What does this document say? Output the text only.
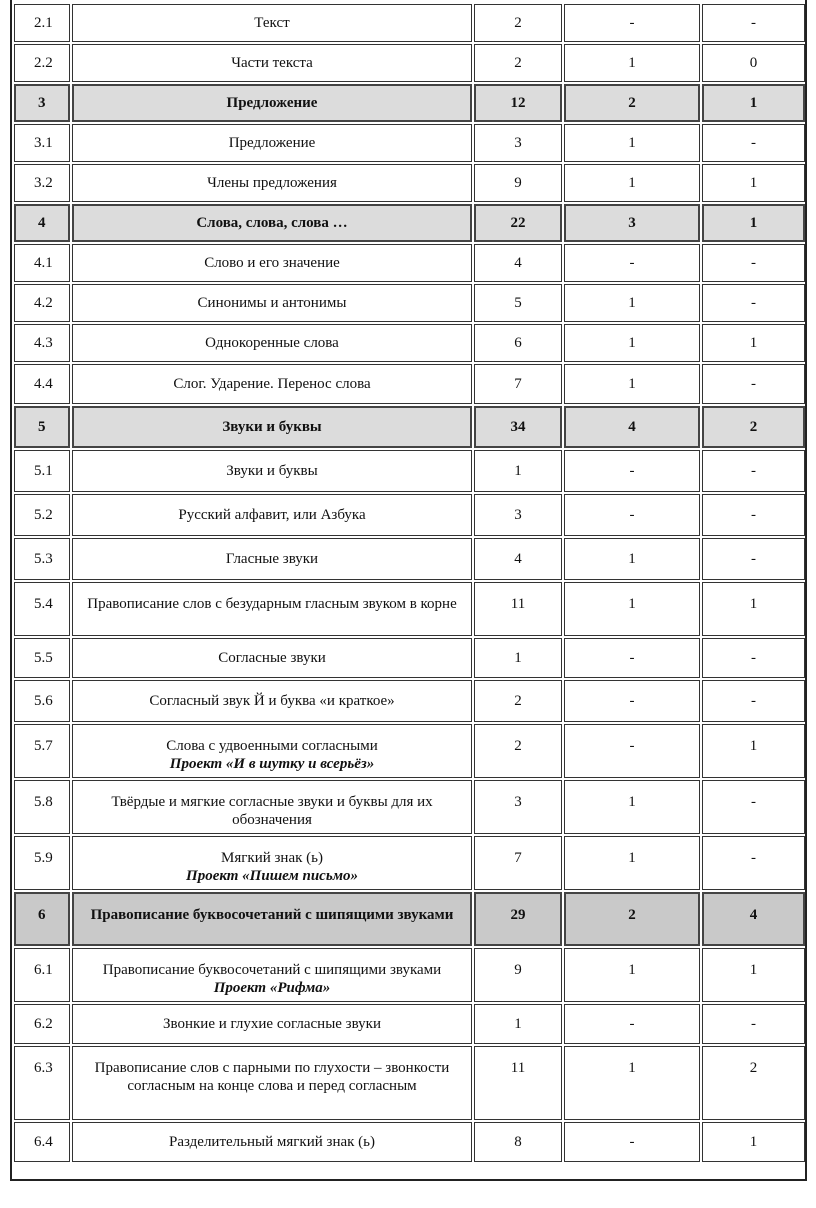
2.1	Текст	2	-	-
2.2	Части текста	2	1	0
3	Предложение	12	2	1
3.1	Предложение	3	1	-
3.2	Члены предложения	9	1	1
4	Слова, слова, слова …	22	3	1
4.1	Слово и его значение	4	-	-
4.2	Синонимы и антонимы	5	1	-
4.3	Однокоренные слова	6	1	1
4.4	Слог. Ударение. Перенос слова	7	1	-
5	Звуки и буквы	34	4	2
5.1	Звуки и буквы	1	-	-
5.2	Русский алфавит, или Азбука	3	-	-
5.3	Гласные звуки	4	1	-
5.4	Правописание слов с безударным гласным звуком в корне	11	1	1
5.5	Согласные звуки	1	-	-
5.6	Согласный звук Й и буква «и краткое»	2	-	-
5.7	Слова с удвоенными согласными
Проект «И в шутку и всерьёз»	2	-	1
5.8	Твёрдые и мягкие согласные звуки и буквы для их обозначения	3	1	-
5.9	Мягкий знак (ь)
Проект «Пишем письмо»	7	1	-
6	Правописание буквосочетаний с шипящими звуками	29	2	4
6.1	Правописание буквосочетаний с шипящими звуками
Проект «Рифма»	9	1	1
6.2	Звонкие и глухие согласные звуки	1	-	-
6.3	Правописание слов с парными по глухости – звонкости согласным на конце слова и перед согласным	11	1	2
6.4	Разделительный мягкий знак (ь)	8	-	1
